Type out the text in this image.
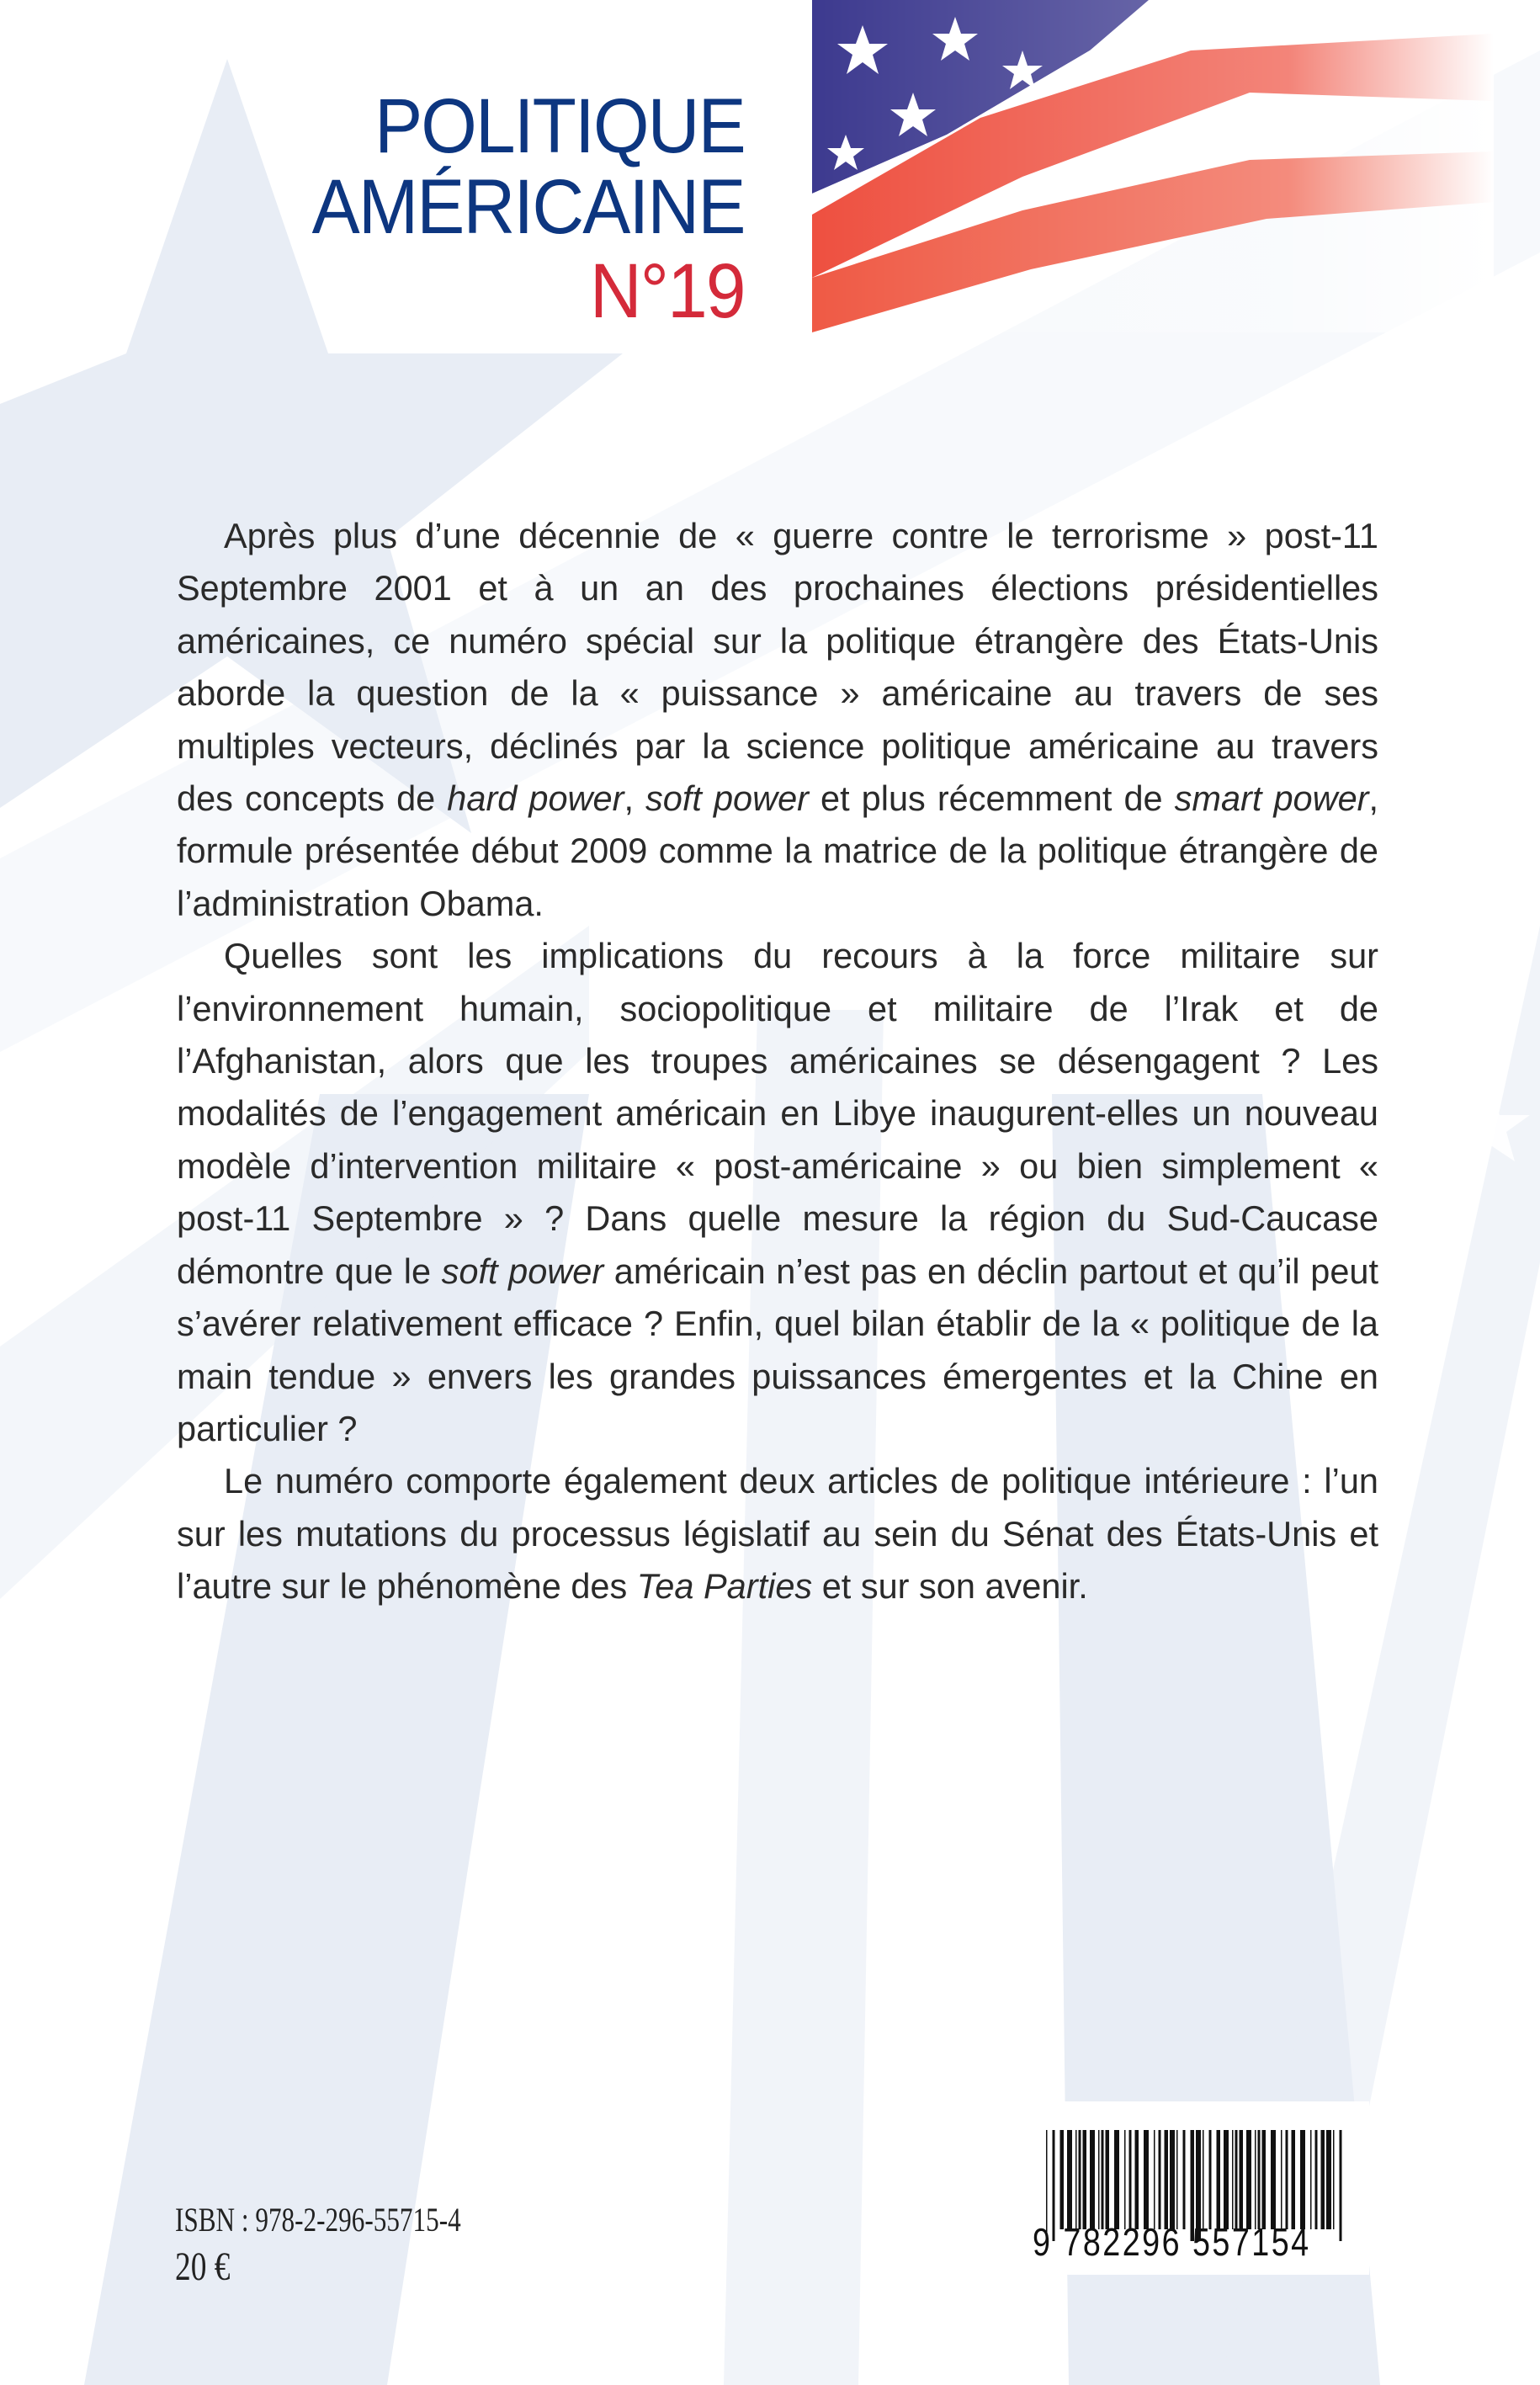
POLITIQUE
AMÉRICAINE
N°19

Après plus d’une décennie de « guerre contre le terrorisme » post-11 Septembre 2001 et à un an des prochaines élections présidentielles américaines, ce numéro spécial sur la politique étrangère des États-Unis aborde la question de la « puissance » américaine au travers de ses multiples vecteurs, déclinés par la science politique américaine au travers des concepts de hard power, soft power et plus récemment de smart power, formule présentée début 2009 comme la matrice de la politique étrangère de l’administration Obama.

Quelles sont les implications du recours à la force militaire sur l’environnement humain, sociopolitique et militaire de l’Irak et de l’Afghanistan, alors que les troupes américaines se désengagent ? Les modalités de l’engagement américain en Libye inaugurent-elles un nouveau modèle d’intervention militaire « post-américaine » ou bien simplement « post-11 Septembre » ? Dans quelle mesure la région du Sud-Caucase démontre que le soft power américain n’est pas en déclin partout et qu’il peut s’avérer relativement efficace ? Enfin, quel bilan établir de la « politique de la main tendue » envers les grandes puissances émergentes et la Chine en particulier ?

Le numéro comporte également deux articles de politique intérieure : l’un sur les mutations du processus législatif au sein du Sénat des États-Unis et l’autre sur le phénomène des Tea Parties et sur son avenir.

ISBN : 978-2-296-55715-4
20 €
9 782296 557154
